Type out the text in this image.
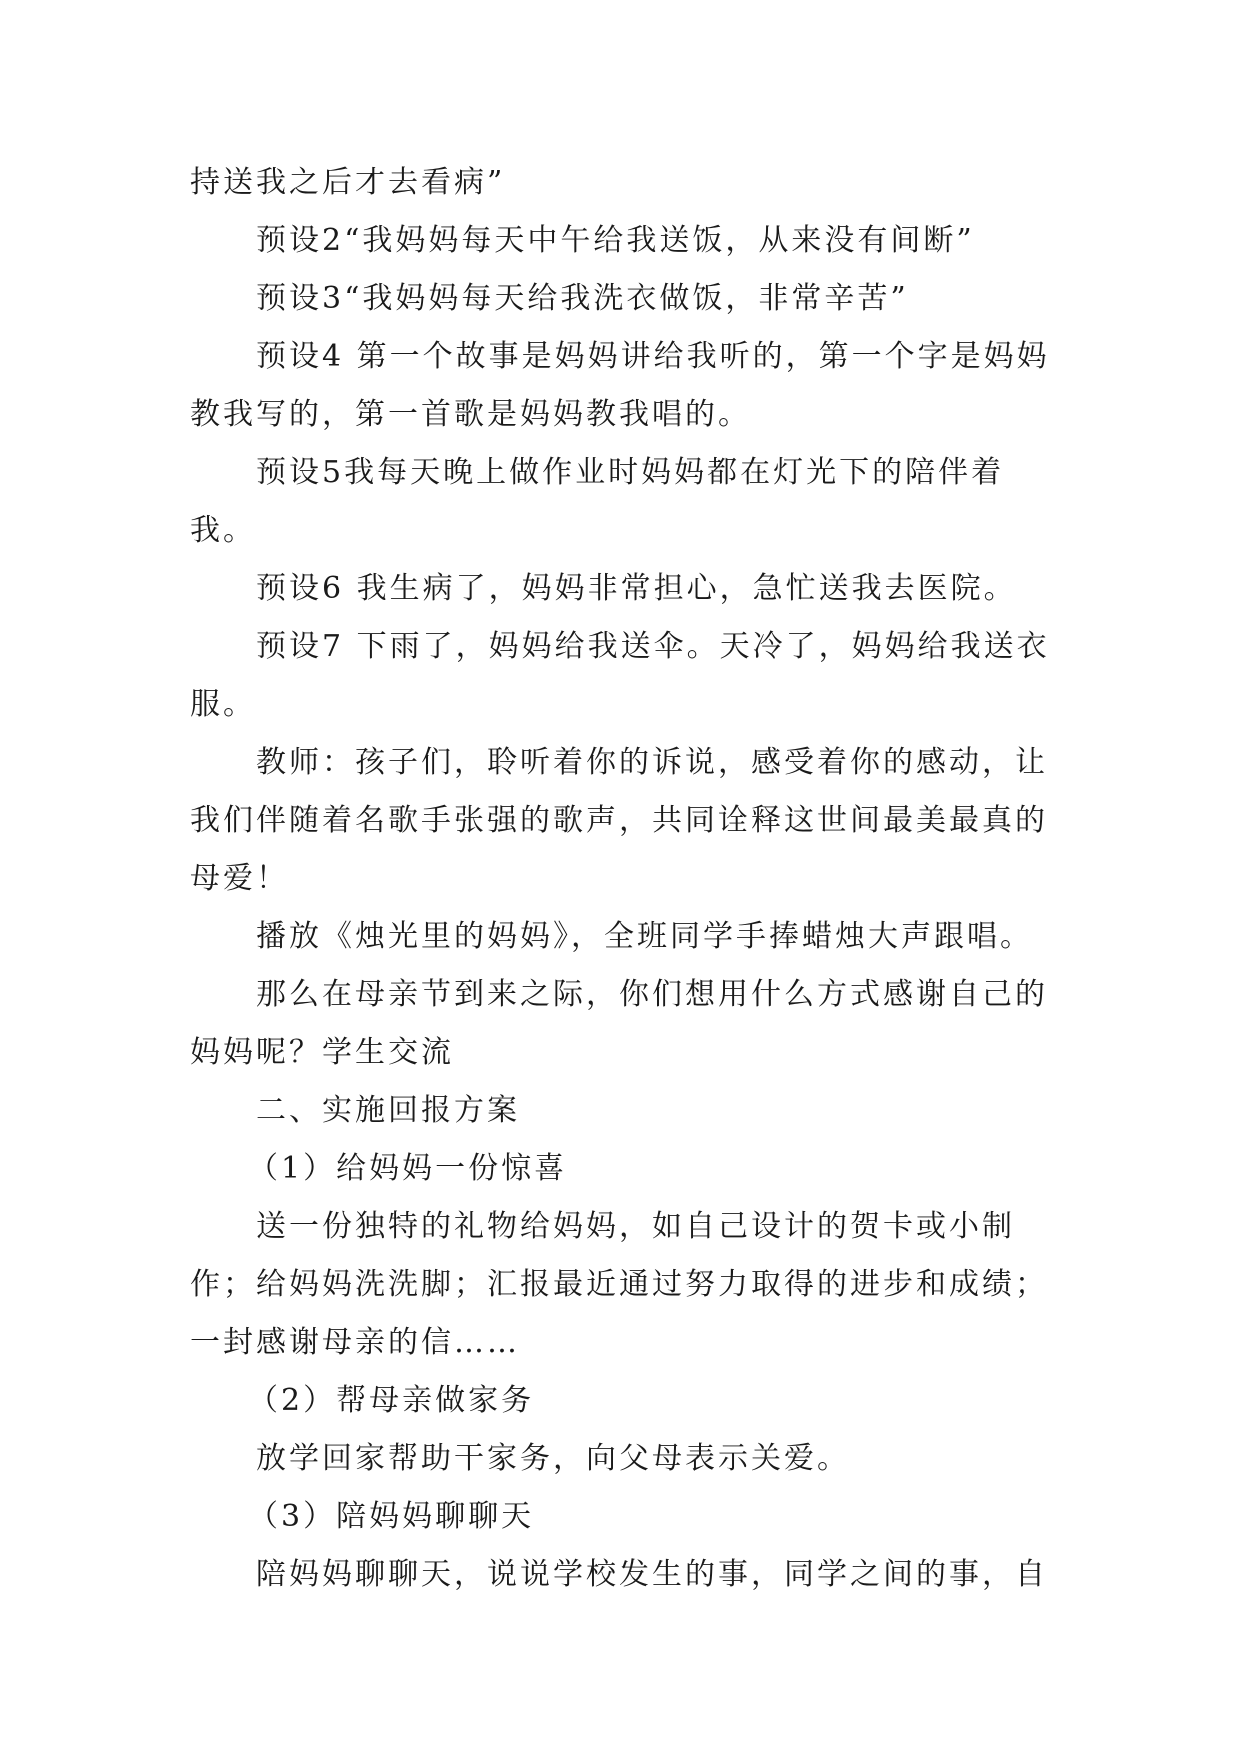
持送我之后才去看病”

预设2“我妈妈每天中午给我送饭，从来没有间断”

预设3“我妈妈每天给我洗衣做饭，非常辛苦”

预设4 第一个故事是妈妈讲给我听的，第一个字是妈妈教我写的，第一首歌是妈妈教我唱的。

预设5我每天晚上做作业时妈妈都在灯光下的陪伴着我。

预设6 我生病了，妈妈非常担心，急忙送我去医院。

预设7 下雨了，妈妈给我送伞。天冷了，妈妈给我送衣服。

教师：孩子们，聆听着你的诉说，感受着你的感动，让我们伴随着名歌手张强的歌声，共同诠释这世间最美最真的母爱！

播放《烛光里的妈妈》，全班同学手捧蜡烛大声跟唱。

那么在母亲节到来之际，你们想用什么方式感谢自己的妈妈呢？学生交流

二、实施回报方案

（1）给妈妈一份惊喜

送一份独特的礼物给妈妈，如自己设计的贺卡或小制作；给妈妈洗洗脚；汇报最近通过努力取得的进步和成绩；一封感谢母亲的信……

（2）帮母亲做家务

放学回家帮助干家务，向父母表示关爱。

（3）陪妈妈聊聊天

陪妈妈聊聊天，说说学校发生的事，同学之间的事，自
